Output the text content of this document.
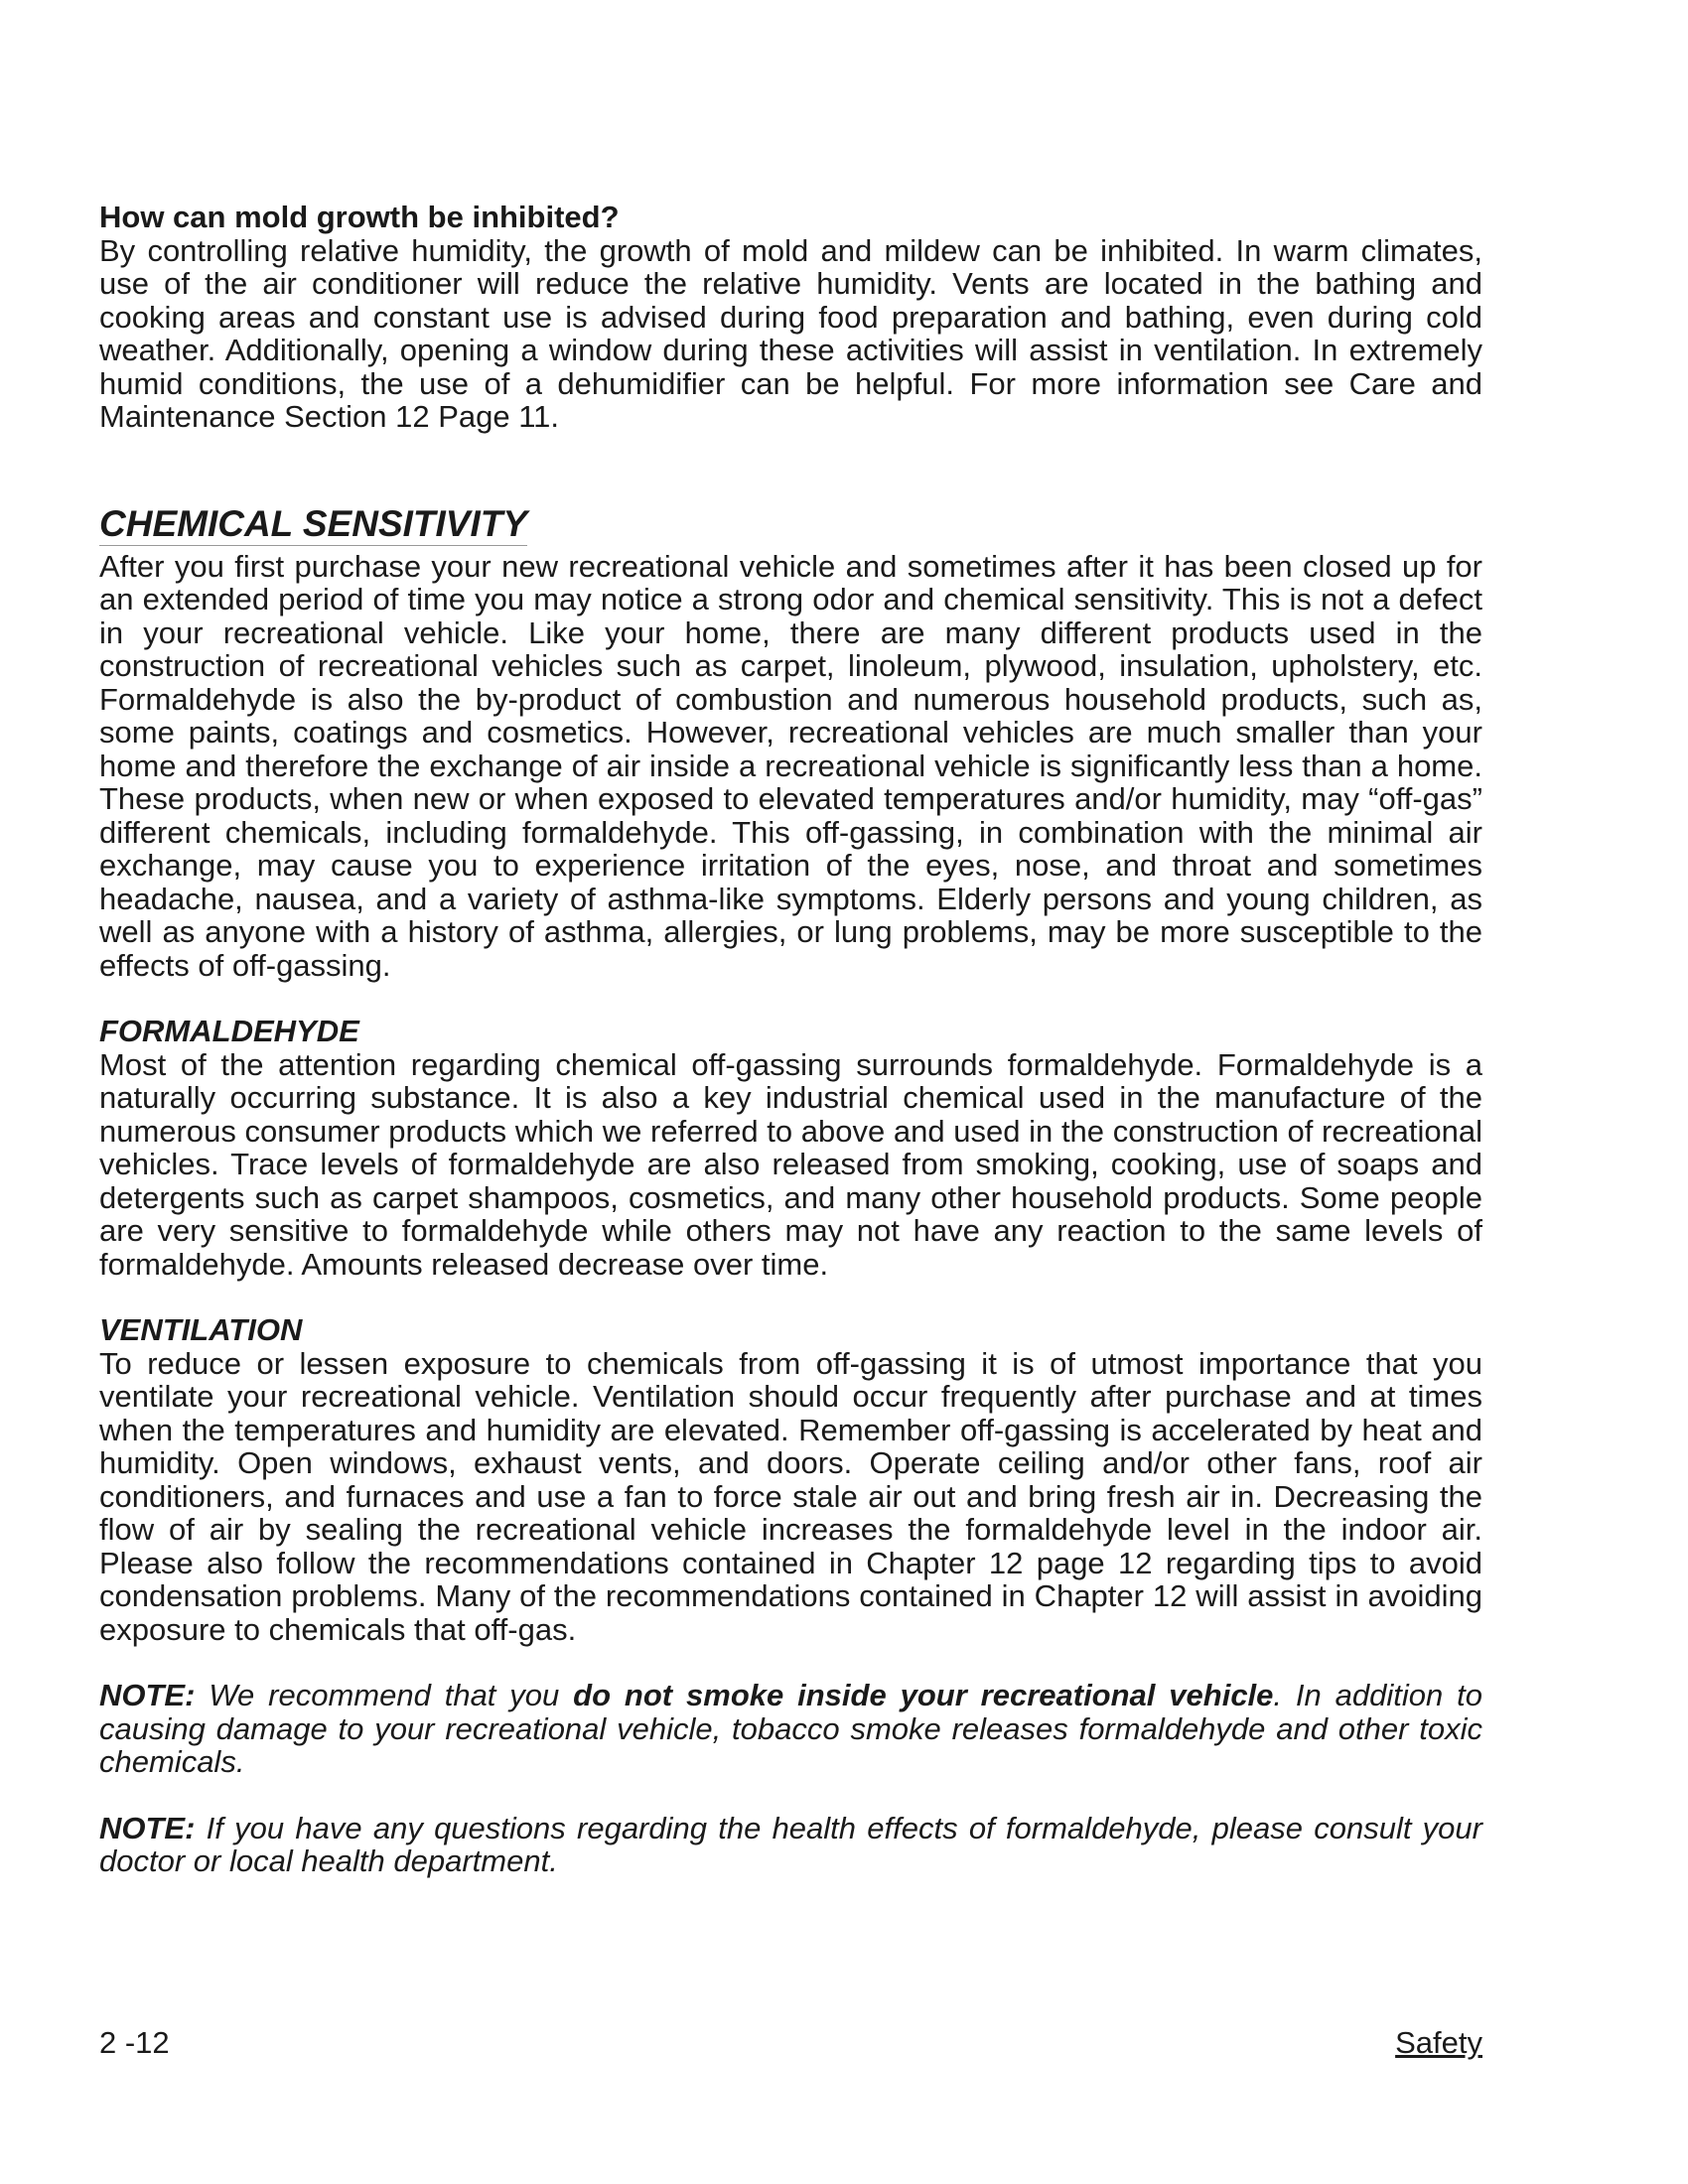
How can mold growth be inhibited?

By controlling relative humidity, the growth of mold and mildew can be inhibited. In warm climates, use of the air conditioner will reduce the relative humidity. Vents are located in the bathing and cooking areas and constant use is advised during food preparation and bathing, even during cold weather. Additionally, opening a window during these activities will assist in ventilation. In extremely humid conditions, the use of a dehumidifier can be helpful. For more information see Care and Maintenance Section 12 Page 11.

CHEMICAL SENSITIVITY

After you first purchase your new recreational vehicle and sometimes after it has been closed up for an extended period of time you may notice a strong odor and chemical sensitivity. This is not a defect in your recreational vehicle. Like your home, there are many different products used in the construction of recreational vehicles such as carpet, linoleum, plywood, insulation, upholstery, etc. Formaldehyde is also the by-product of combustion and numerous household products, such as, some paints, coatings and cosmetics. However, recreational vehicles are much smaller than your home and therefore the exchange of air inside a recreational vehicle is significantly less than a home. These products, when new or when exposed to elevated temperatures and/or humidity, may “off-gas” different chemicals, including formaldehyde. This off-gassing, in combination with the minimal air exchange, may cause you to experience irritation of the eyes, nose, and throat and sometimes headache, nausea, and a variety of asthma-like symptoms. Elderly persons and young children, as well as anyone with a history of asthma, allergies, or lung problems, may be more susceptible to the effects of off-gassing.

FORMALDEHYDE

Most of the attention regarding chemical off-gassing surrounds formaldehyde. Formaldehyde is a naturally occurring substance. It is also a key industrial chemical used in the manufacture of the numerous consumer products which we referred to above and used in the construction of recreational vehicles. Trace levels of formaldehyde are also released from smoking, cooking, use of soaps and detergents such as carpet shampoos, cosmetics, and many other household products. Some people are very sensitive to formaldehyde while others may not have any reaction to the same levels of formaldehyde. Amounts released decrease over time.

VENTILATION

To reduce or lessen exposure to chemicals from off-gassing it is of utmost importance that you ventilate your recreational vehicle. Ventilation should occur frequently after purchase and at times when the temperatures and humidity are elevated. Remember off-gassing is accelerated by heat and humidity. Open windows, exhaust vents, and doors. Operate ceiling and/or other fans, roof air conditioners, and furnaces and use a fan to force stale air out and bring fresh air in. Decreasing the flow of air by sealing the recreational vehicle increases the formaldehyde level in the indoor air. Please also follow the recommendations contained in Chapter 12 page 12 regarding tips to avoid condensation problems. Many of the recommendations contained in Chapter 12 will assist in avoiding exposure to chemicals that off-gas.

NOTE: We recommend that you do not smoke inside your recreational vehicle. In addition to causing damage to your recreational vehicle, tobacco smoke releases formaldehyde and other toxic chemicals.

NOTE: If you have any questions regarding the health effects of formaldehyde, please consult your doctor or local health department.

2 -12	Safety
